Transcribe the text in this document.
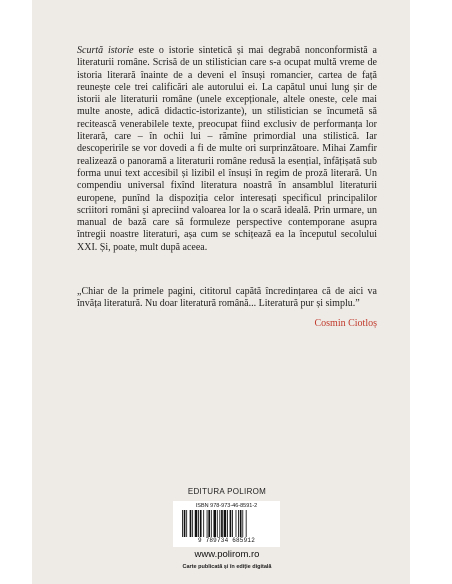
Scurtă istorie este o istorie sintetică și mai degrabă nonconformistă a literaturii române. Scrisă de un stilistician care s-a ocupat multă vreme de istoria literară înainte de a deveni el însuși romancier, cartea de față reunește cele trei calificări ale autorului ei. La capătul unui lung șir de istorii ale literaturii române (unele excepționale, altele oneste, cele mai multe anoste, adică didactic-istorizante), un stilistician se încumetă să recitească venerabilele texte, preocupat fiind exclusiv de performanța lor literară, care – în ochii lui – rămîne primordial una stilistică. Iar descoperirile se vor dovedi a fi de multe ori surprinzătoare. Mihai Zamfir realizează o panoramă a literaturii române redusă la esențial, înfățișată sub forma unui text accesibil și lizibil el însuși în regim de proză literară. Un compendiu universal fixînd literatura noastră în ansamblul literaturii europene, punînd la dispoziția celor interesați specificul principalilor scriitori români și apreciind valoarea lor la o scară ideală. Prin urmare, un manual de bază care să formuleze perspective contemporane asupra întregii noastre literaturi, așa cum se schițează ea la începutul secolului XXI. Și, poate, mult după aceea.
„Chiar de la primele pagini, cititorul capătă încredințarea că de aici va învăța literatură. Nu doar literatură română... Literatură pur și simplu.”
Cosmin Ciotloș
EDITURA POLIROM
ISBN 978-973-46-8591-2
9 789734 685912
www.polirom.ro
Carte publicată și în ediție digitală
